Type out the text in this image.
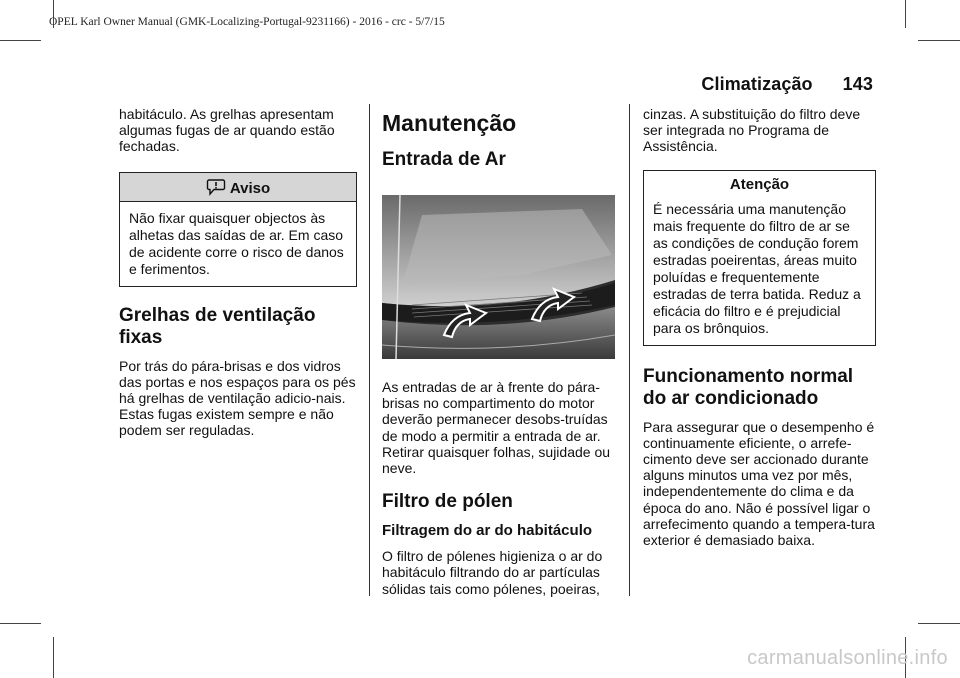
OPEL Karl Owner Manual (GMK-Localizing-Portugal-9231166) - 2016 - crc - 5/7/15
Climatização 143

habitáculo. As grelhas apresentam algumas fugas de ar quando estão fechadas.

Aviso
Não fixar quaisquer objectos às alhetas das saídas de ar. Em caso de acidente corre o risco de danos e ferimentos.
Grelhas de ventilação fixas

Por trás do pára-brisas e dos vidros das portas e nos espaços para os pés há grelhas de ventilação adicio-nais. Estas fugas existem sempre e não podem ser reguladas.

Manutenção
Entrada de Ar

As entradas de ar à frente do pára-brisas no compartimento do motor deverão permanecer desobs-truídas de modo a permitir a entrada de ar. Retirar quaisquer folhas, sujidade ou neve.

Filtro de pólen
Filtragem do ar do habitáculo

O filtro de pólenes higieniza o ar do habitáculo filtrando do ar partículas sólidas tais como pólenes, poeiras,

cinzas. A substituição do filtro deve ser integrada no Programa de Assistência.

Atenção
É necessária uma manutenção mais frequente do filtro de ar se as condições de condução forem estradas poeirentas, áreas muito poluídas e frequentemente estradas de terra batida. Reduz a eficácia do filtro e é prejudicial para os brônquios.
Funcionamento normal do ar condicionado

Para assegurar que o desempenho é continuamente eficiente, o arrefe-cimento deve ser accionado durante alguns minutos uma vez por mês, independentemente do clima e da época do ano. Não é possível ligar o arrefecimento quando a tempera-tura exterior é demasiado baixa.

carmanualsonline.info
